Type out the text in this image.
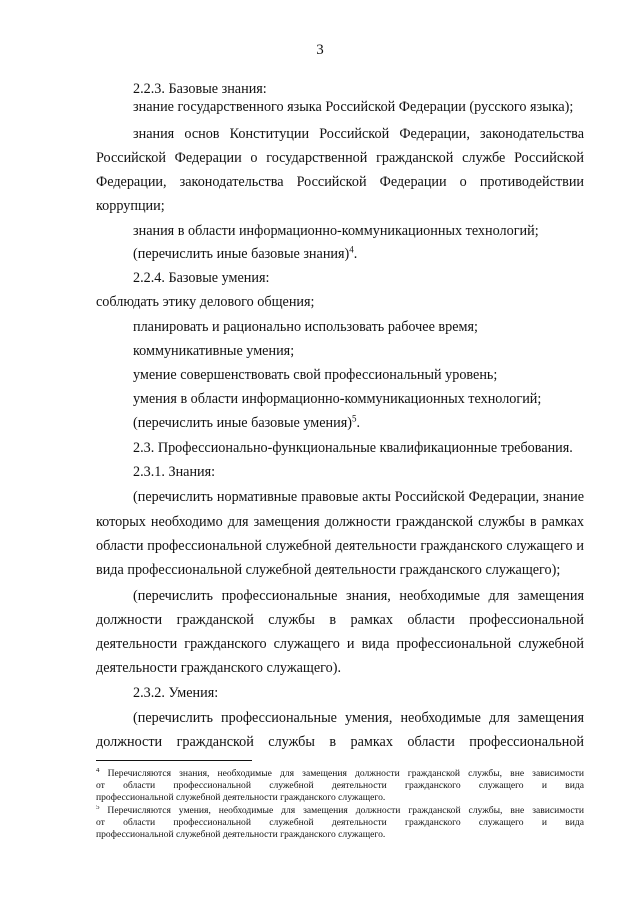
3
2.2.3. Базовые знания:
знание государственного языка Российской Федерации (русского языка);
знания основ Конституции Российской Федерации, законодательства
Российской Федерации о государственной гражданской службе Российской
Федерации, законодательства Российской Федерации о противодействии
коррупции;
знания в области информационно-коммуникационных технологий;
(перечислить иные базовые знания)$^4$.
2.2.4. Базовые умения:
соблюдать этику делового общения;
планировать и рационально использовать рабочее время;
коммуникативные умения;
умение совершенствовать свой профессиональный уровень;
умения в области информационно-коммуникационных технологий;
(перечислить иные базовые умения)$^5$.
2.3. Профессионально-функциональные квалификационные требования.
2.3.1. Знания:
(перечислить нормативные правовые акты Российской Федерации, знание
которых необходимо для замещения должности гражданской службы в рамках
области профессиональной служебной деятельности гражданского служащего и
вида профессиональной служебной деятельности гражданского служащего);
(перечислить профессиональные знания, необходимые для замещения
должности гражданской службы в рамках области профессиональной
деятельности гражданского служащего и вида профессиональной служебной
деятельности гражданского служащего).
2.3.2. Умения:
(перечислить профессиональные умения, необходимые для замещения
должности гражданской службы в рамках области профессиональной
$^4$ Перечисляются знания, необходимые для замещения должности гражданской службы, вне зависимости
от области профессиональной служебной деятельности гражданского служащего и вида
профессиональной служебной деятельности гражданского служащего.
$^5$ Перечисляются умения, необходимые для замещения должности гражданской службы, вне зависимости
от области профессиональной служебной деятельности гражданского служащего и вида
профессиональной служебной деятельности гражданского служащего.
